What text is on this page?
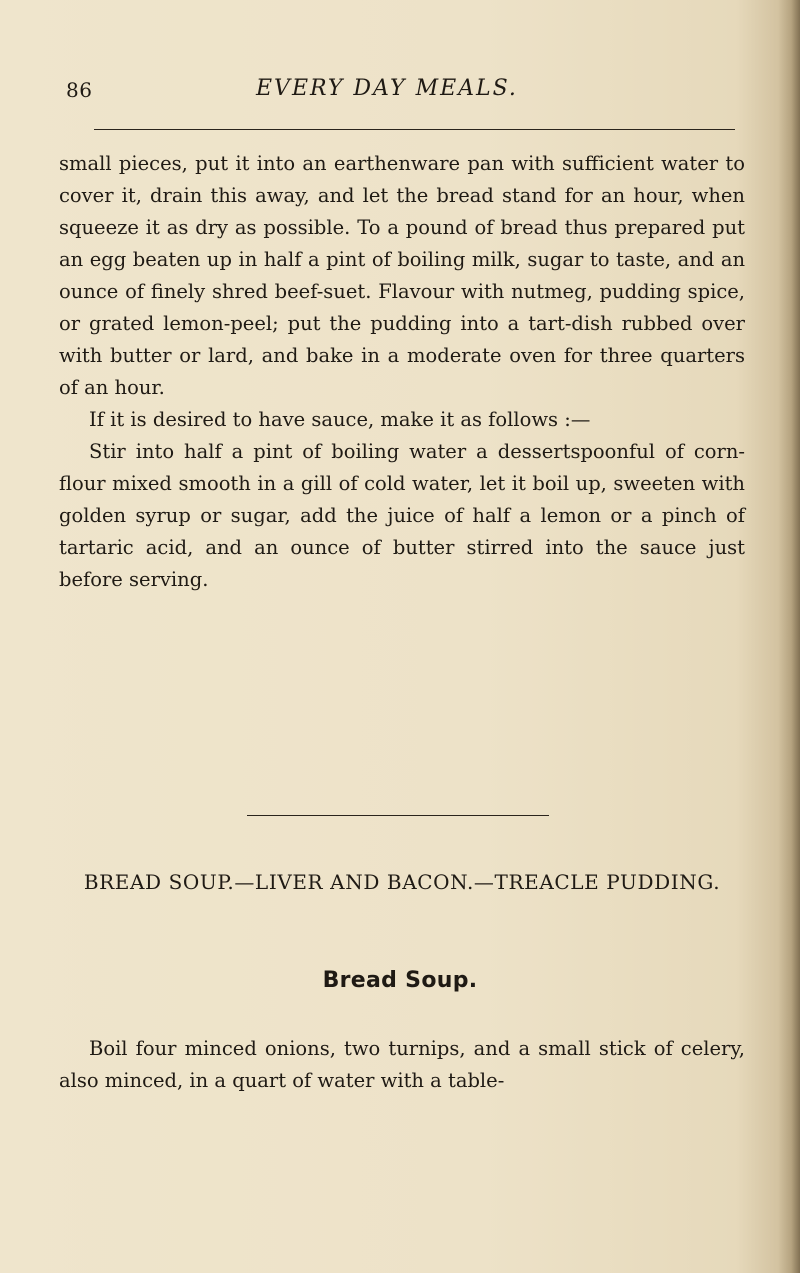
86	EVERY DAY MEALS.

small pieces, put it into an earthenware pan with sufficient water to cover it, drain this away, and let the bread stand for an hour, when squeeze it as dry as possible. To a pound of bread thus prepared put an egg beaten up in half a pint of boiling milk, sugar to taste, and an ounce of finely shred beef-suet. Flavour with nutmeg, pudding spice, or grated lemon-peel; put the pudding into a tart-dish rubbed over with butter or lard, and bake in a moderate oven for three quarters of an hour.

If it is desired to have sauce, make it as follows :—

Stir into half a pint of boiling water a dessertspoonful of corn-flour mixed smooth in a gill of cold water, let it boil up, sweeten with golden syrup or sugar, add the juice of half a lemon or a pinch of tartaric acid, and an ounce of butter stirred into the sauce just before serving.

BREAD SOUP.—LIVER AND BACON.—TREACLE PUDDING.
Bread Soup.

Boil four minced onions, two turnips, and a small stick of celery, also minced, in a quart of water with a table-
